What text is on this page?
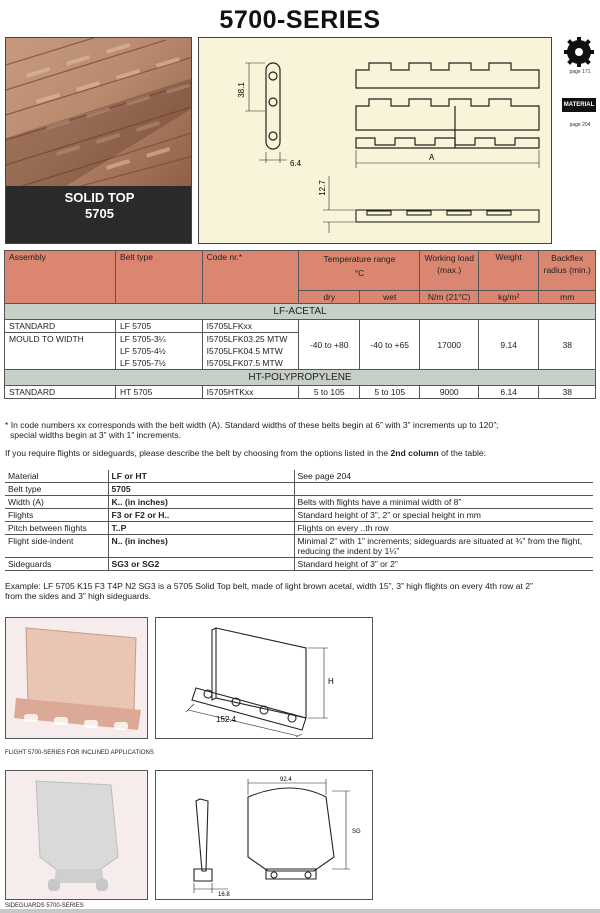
5700-SERIES
SOLID TOP
5705
38.1
6.4
A
12.7
page 171
MATERIAL
page 204
Assembly	Belt type	Code nr.*	Temperature range
°C		Working load (max.)	Weight	Backflex radius (min.)
			dry	wet	N/m (21°C)	kg/m²	mm
LF-ACETAL							
STANDARD	LF 5705	I5705LFKxx	-40 to +80	-40 to +65	17000	9.14	38
MOULD TO WIDTH	LF 5705-3¼	I5705LFK03.25 MTW					
	LF 5705-4½	I5705LFK04.5 MTW					
	LF 5705-7½	I5705LFK07.5 MTW					
HT-POLYPROPYLENE							
STANDARD	HT 5705	I5705HTKxx	5 to 105	5 to 105	9000	6.14	38
* In code numbers xx corresponds with the belt width (A). Standard widths of these belts begin at 6” with 3” increments up to 120”;
special widths begin at 3” with 1” increments.
If you require flights or sideguards, please describe the belt by choosing from the options listed in the 2nd column of the table:
Material	LF or HT	See page 204
Belt type	5705	
Width (A)	K.. (in inches)	Belts with flights have a minimal width of 8”
Flights	F3 or F2 or H..	Standard height of 3”, 2” or special height in mm
Pitch between flights	T..P	Flights on every ..th row
Flight side-indent	N.. (in inches)	Minimal 2” with 1” increments; sideguards are situated at ¾” from the flight, reducing the indent by 1¼”
Sideguards	SG3 or SG2	Standard height of 3” or 2”
Example: LF 5705 K15 F3 T4P N2 SG3 is a 5705 Solid Top belt, made of light brown acetal, width 15”, 3” high flights on every 4th row at 2”
from the sides and 3” high sideguards.
152.4
H
FLIGHT 5700-SERIES FOR INCLINED APPLICATIONS
92.4
SG
16.8
SIDEGUARDS 5700-SERIES
